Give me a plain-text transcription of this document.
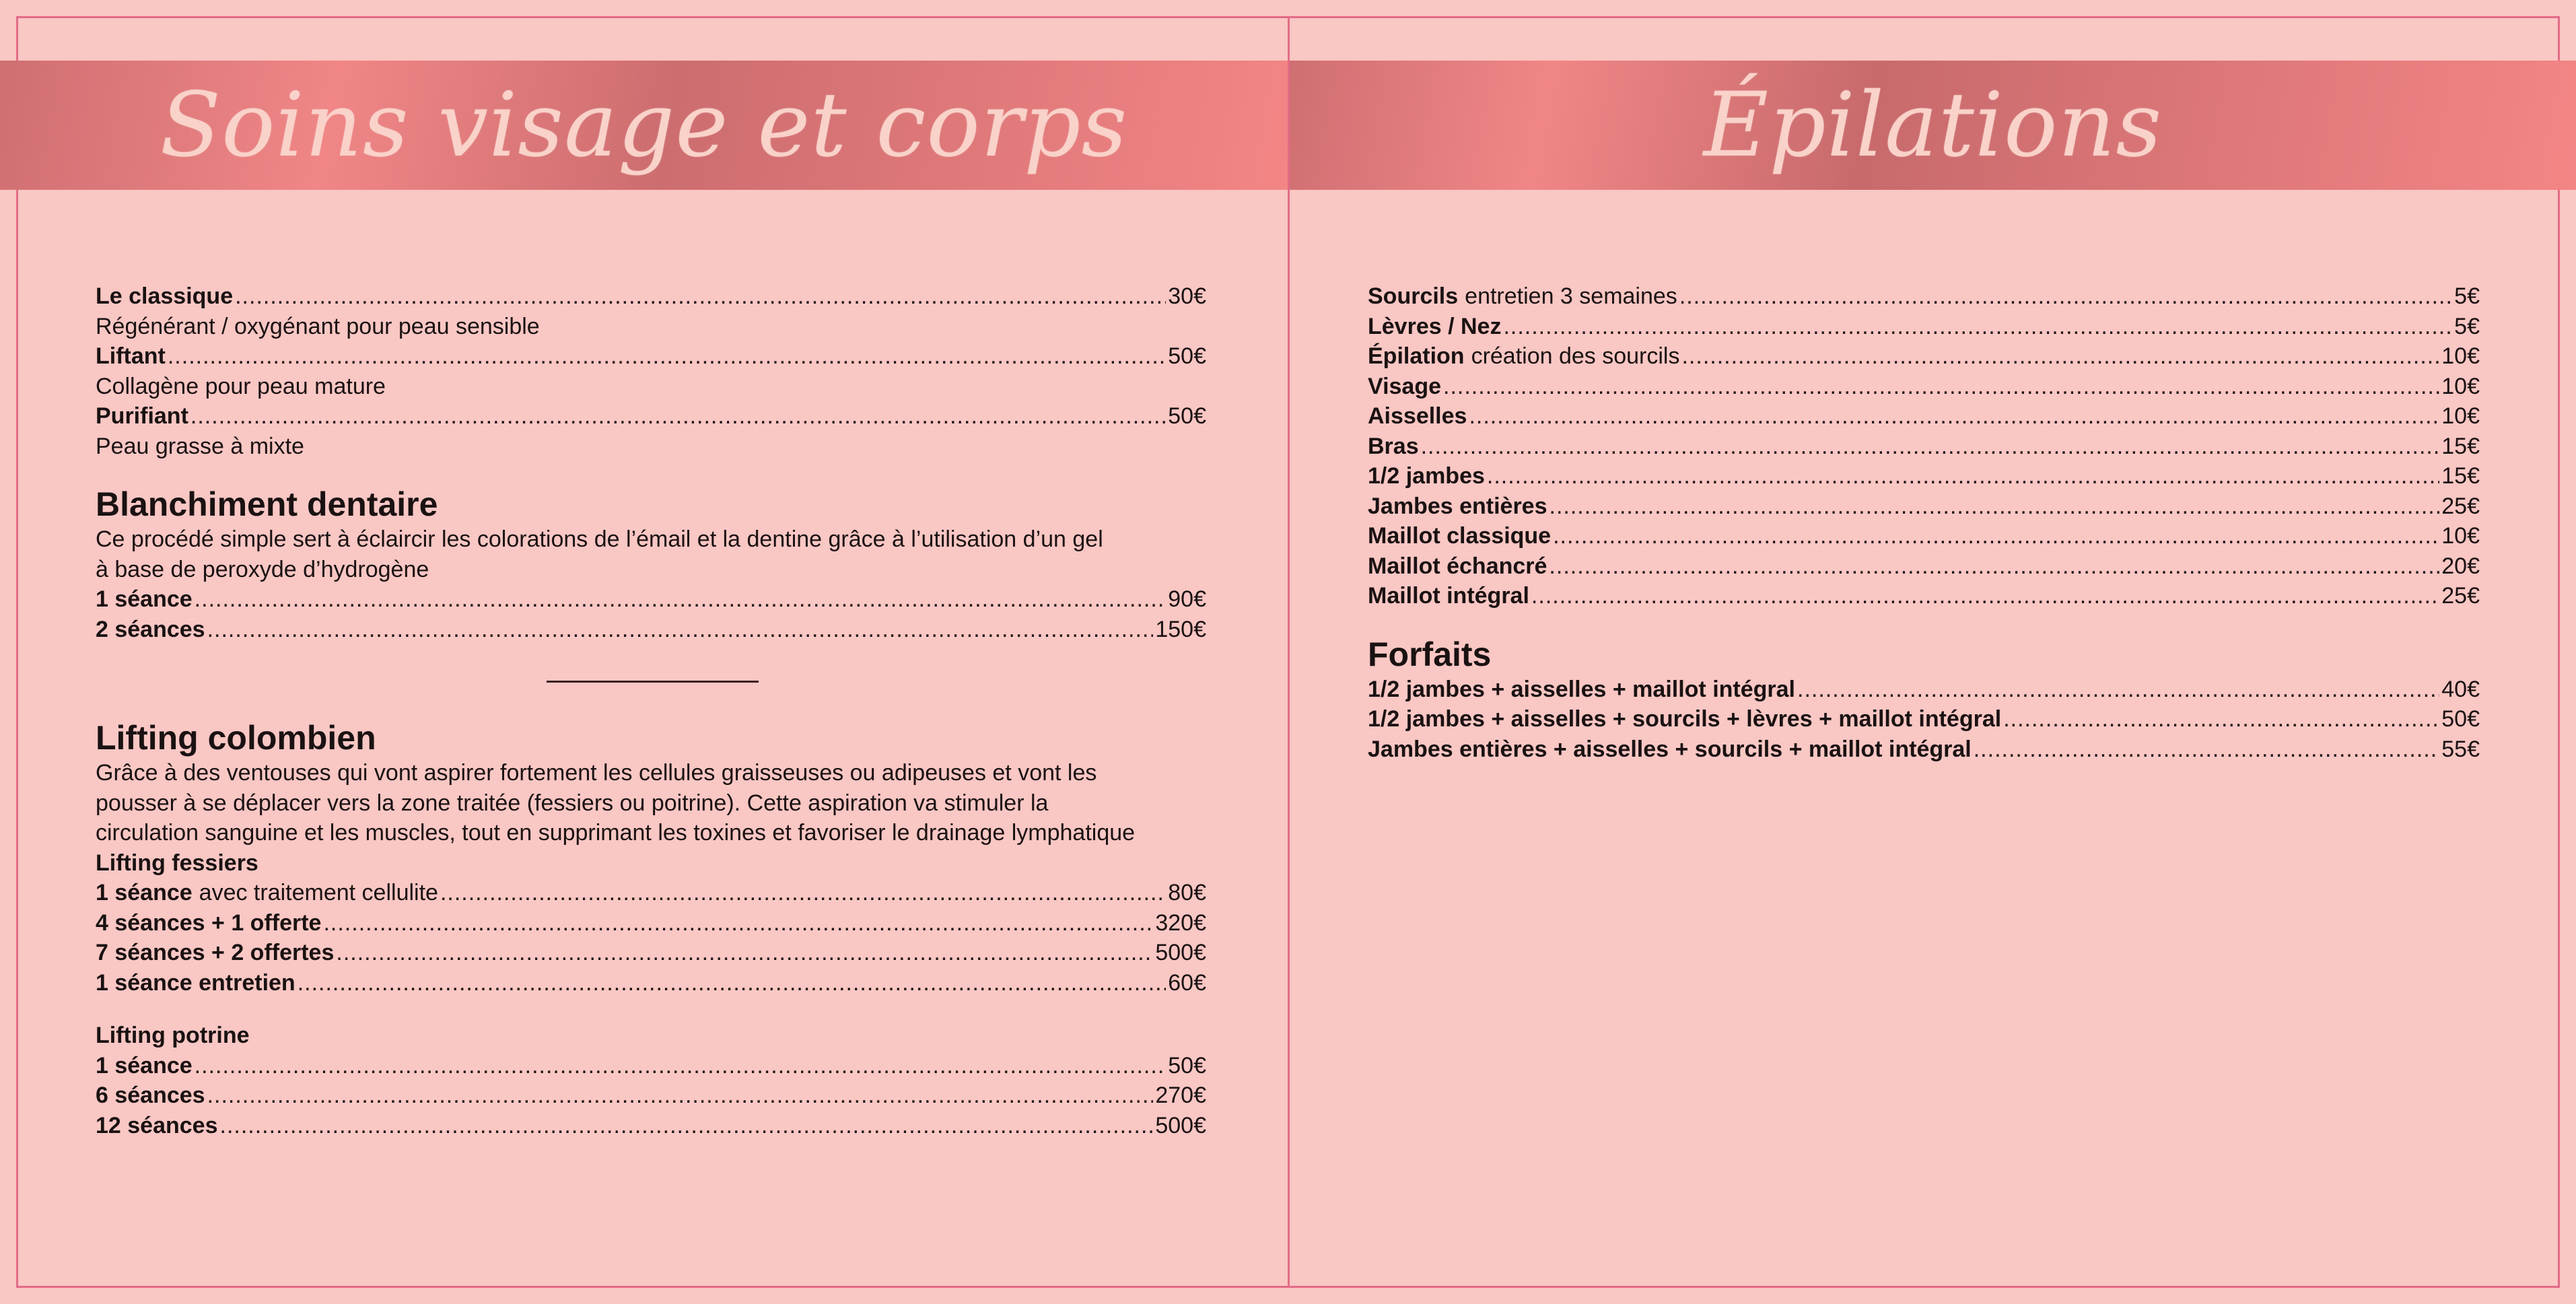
Soins visage et corps	Épilations
Le classique .....	30€
Régénérant / oxygénant pour peau sensible
Liftant .....	50€
Collagène pour peau mature
Purifiant .....	50€
Peau grasse à mixte
Blanchiment dentaire
Ce procédé simple sert à éclaircir les colorations de l’émail et la dentine grâce à l’utilisation d’un gel
à base de peroxyde d’hydrogène
1 séance .....	90€
2 séances .....	150€
Lifting colombien
Grâce à des ventouses qui vont aspirer fortement les cellules graisseuses ou adipeuses et vont les
pousser à se déplacer vers la zone traitée (fessiers ou poitrine). Cette aspiration va stimuler la
circulation sanguine et les muscles, tout en supprimant les toxines et favoriser le drainage lymphatique
Lifting fessiers
1 séance avec traitement cellulite .....	80€
4 séances + 1 offerte .....	320€
7 séances + 2 offertes .....	500€
1 séance entretien .....	60€
Lifting potrine
1 séance .....	50€
6 séances .....	270€
12 séances .....	500€
Sourcils entretien 3 semaines .....	5€
Lèvres / Nez .....	5€
Épilation création des sourcils .....	10€
Visage .....	10€
Aisselles .....	10€
Bras .....	15€
1/2 jambes .....	15€
Jambes entières .....	25€
Maillot classique .....	10€
Maillot échancré .....	20€
Maillot intégral .....	25€
Forfaits
1/2 jambes + aisselles + maillot intégral .....	40€
1/2 jambes + aisselles + sourcils + lèvres + maillot intégral .....	50€
Jambes entières + aisselles + sourcils + maillot intégral .....	55€
